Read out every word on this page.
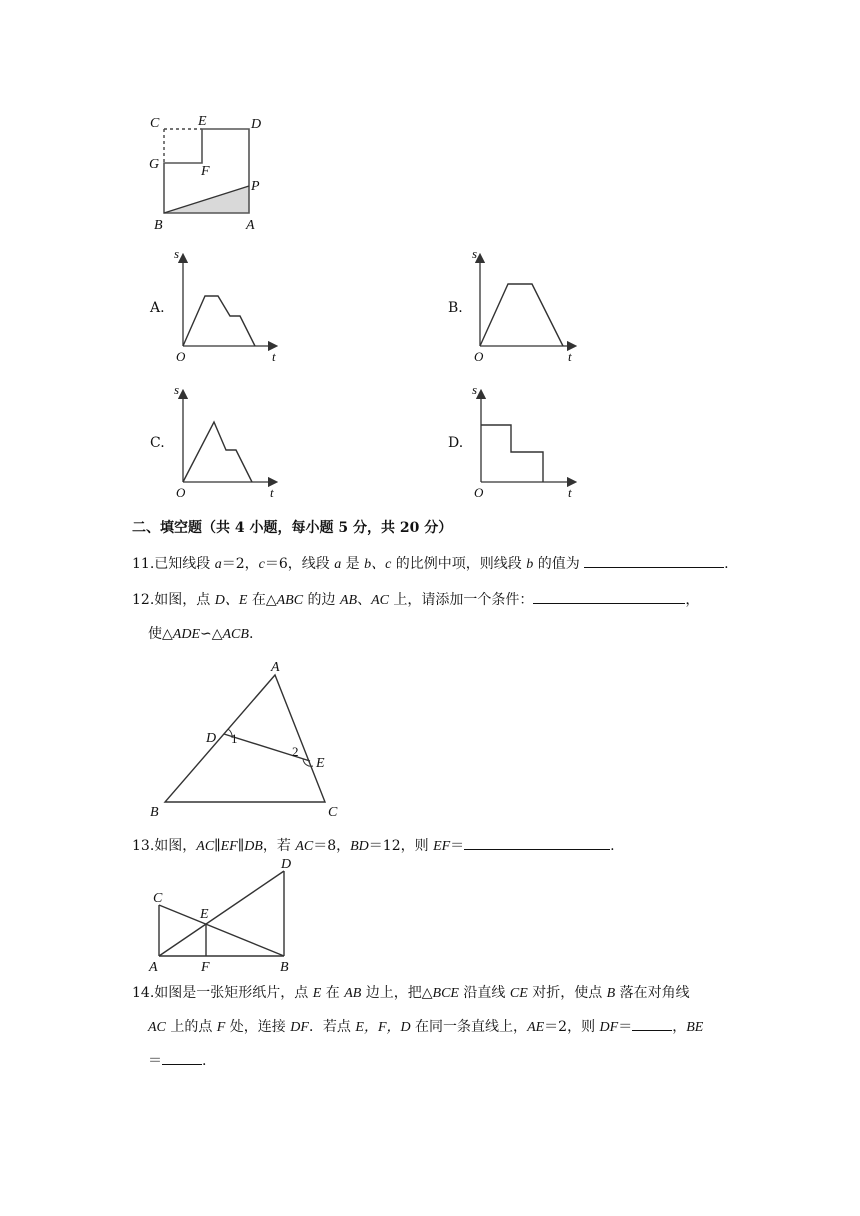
C	E	D
G	F
P
B	A
A.
s
t
O
B.
s
t
O
C.
s
t
O
D.
s
t
O
二、填空题（共 4 小题，每小题 5 分，共 20 分）
11.已知线段 a＝2，c＝6，线段 a 是 b、c 的比例中项，则线段 b 的值为	.
12.如图，点 D、E 在△ABC 的边 AB、AC 上，请添加一个条件：	，
使△ADE∽△ACB.
A
D
E
B	C
1
2
13.如图，AC∥EF∥DB，若 AC＝8，BD＝12，则 EF＝	.
D
C
E
A	F	B
14.如图是一张矩形纸片，点 E 在 AB 边上，把△BCE 沿直线 CE 对折，使点 B 落在对角线
AC 上的点 F 处，连接 DF．若点 E，F，D 在同一条直线上，AE＝2，则 DF＝	，BE
＝	.
